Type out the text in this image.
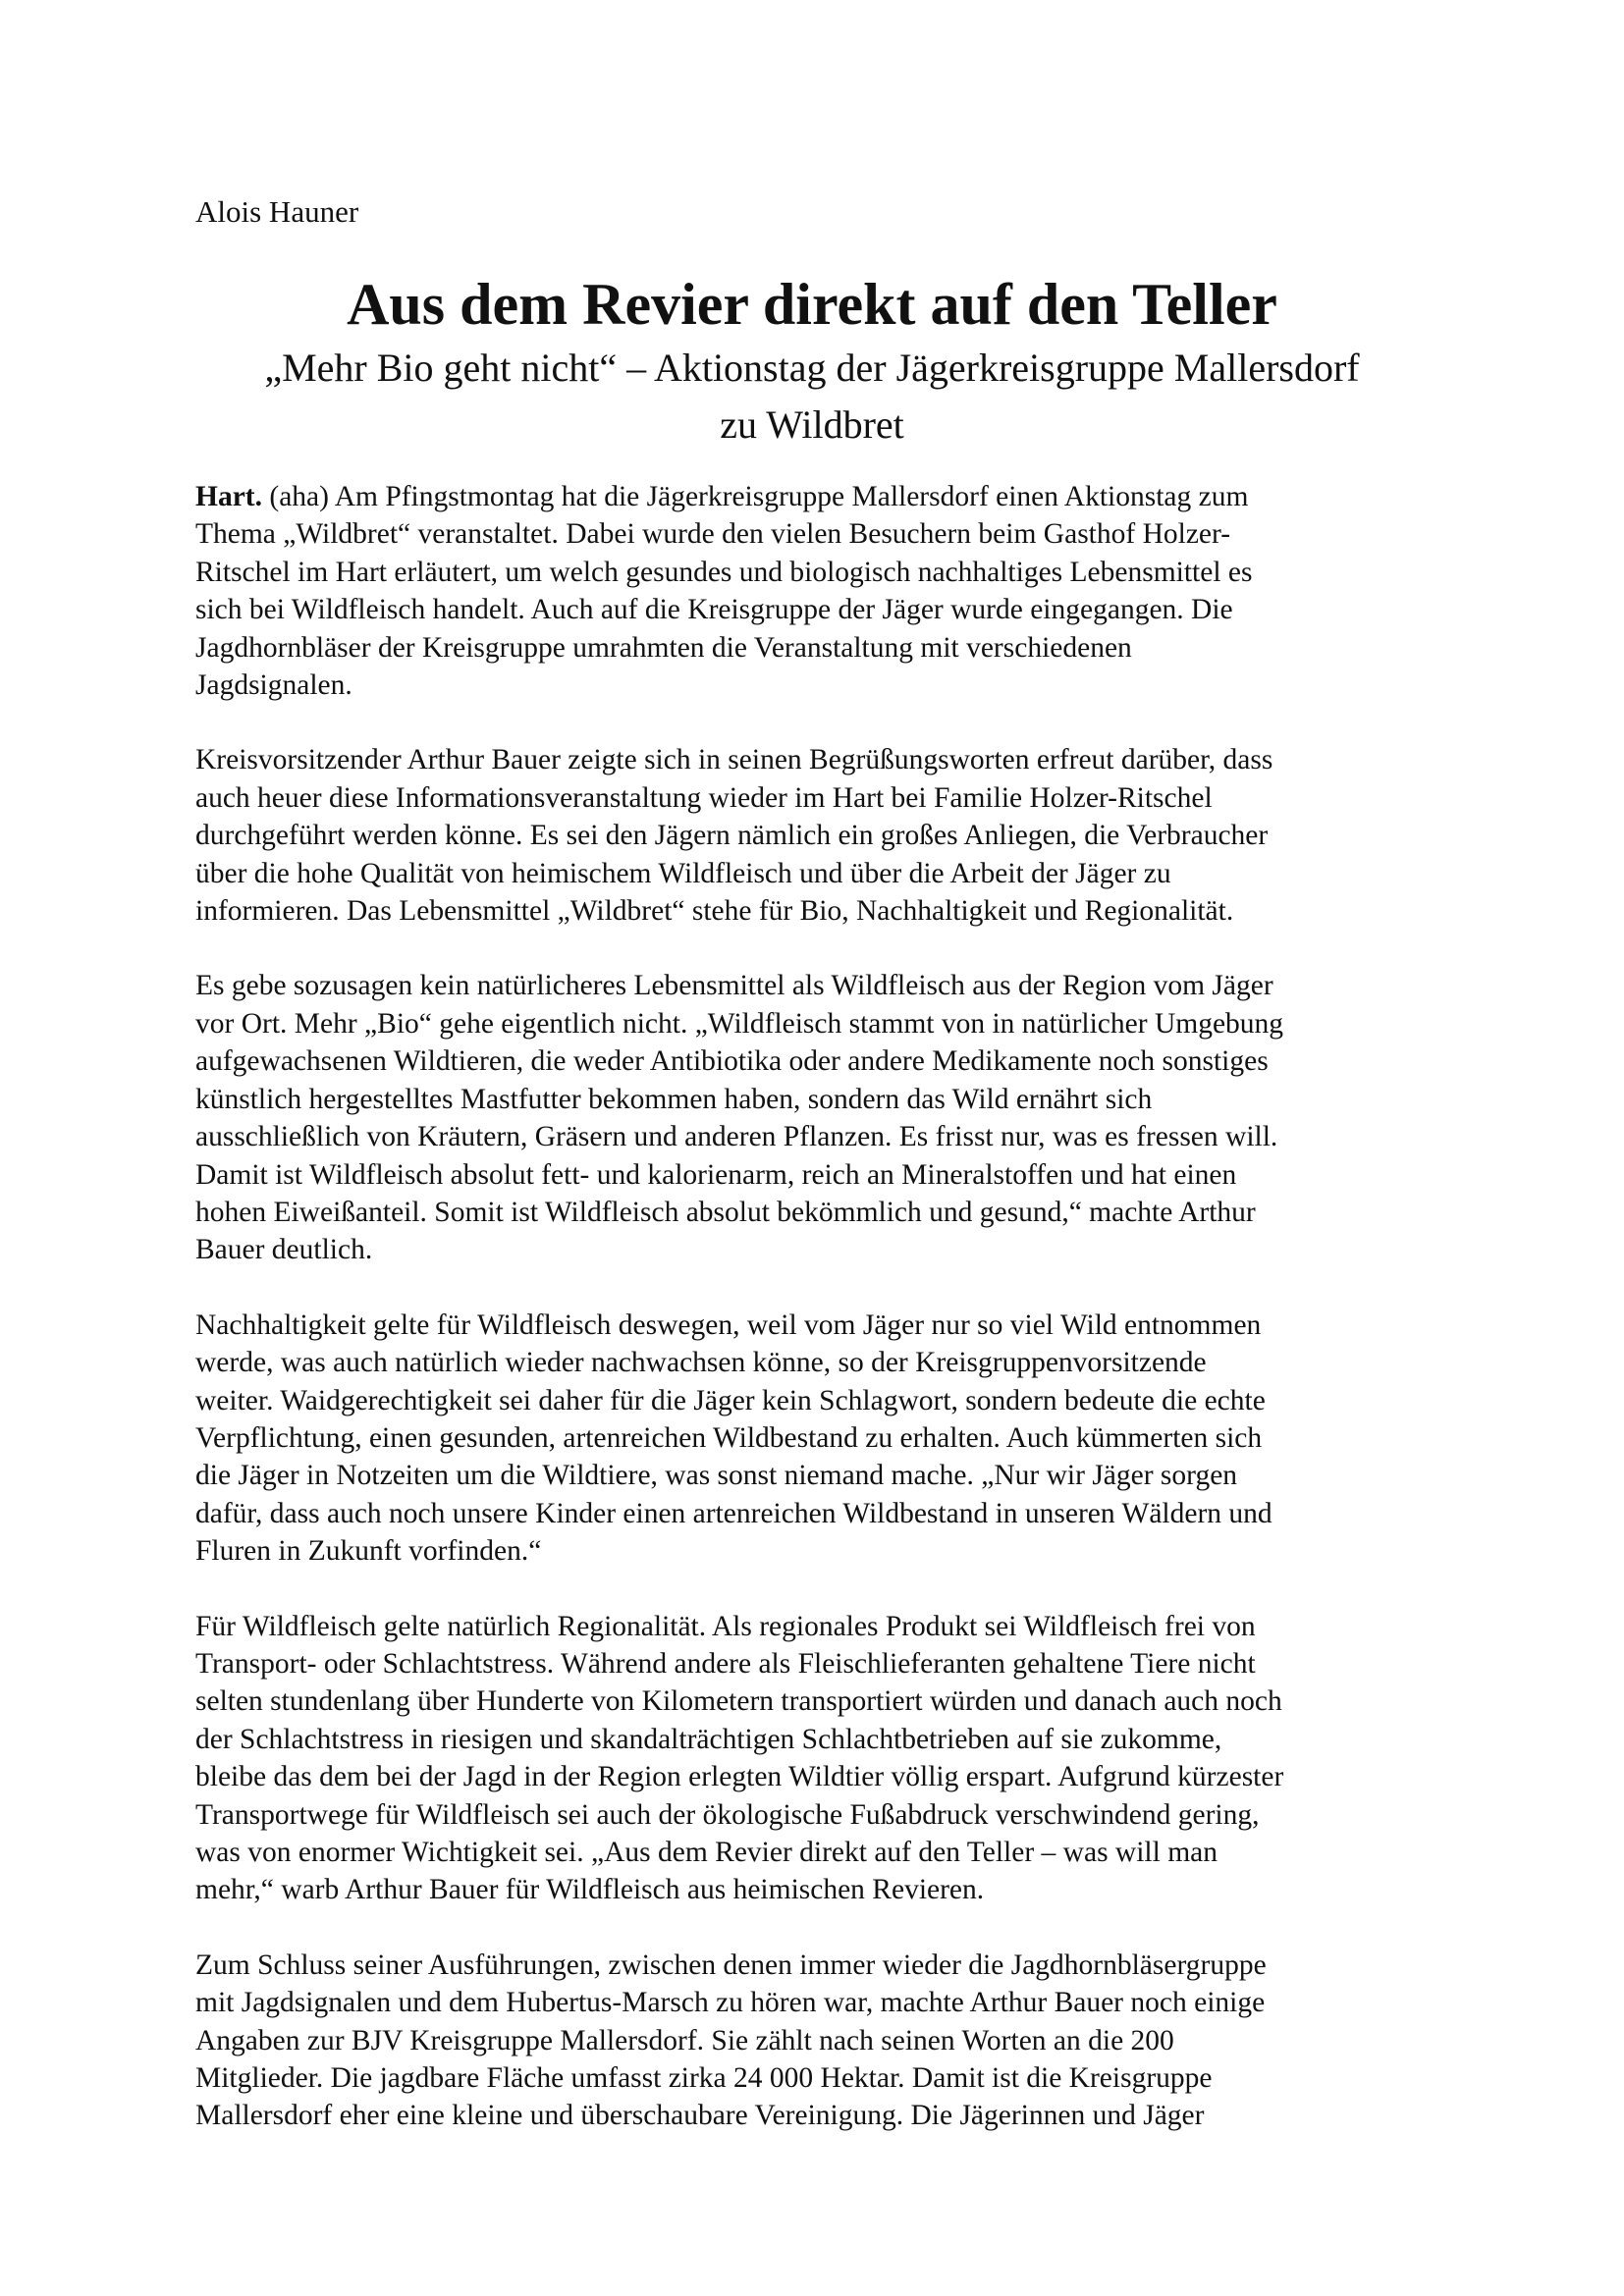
Alois Hauner

Aus dem Revier direkt auf den Teller
„Mehr Bio geht nicht“ – Aktionstag der Jägerkreisgruppe Mallersdorf
zu Wildbret

Hart. (aha) Am Pfingstmontag hat die Jägerkreisgruppe Mallersdorf einen Aktionstag zum
Thema „Wildbret“ veranstaltet. Dabei wurde den vielen Besuchern beim Gasthof Holzer-
Ritschel im Hart erläutert, um welch gesundes und biologisch nachhaltiges Lebensmittel es
sich bei Wildfleisch handelt. Auch auf die Kreisgruppe der Jäger wurde eingegangen. Die
Jagdhornbläser der Kreisgruppe umrahmten die Veranstaltung mit verschiedenen
Jagdsignalen.

Kreisvorsitzender Arthur Bauer zeigte sich in seinen Begrüßungsworten erfreut darüber, dass
auch heuer diese Informationsveranstaltung wieder im Hart bei Familie Holzer-Ritschel
durchgeführt werden könne. Es sei den Jägern nämlich ein großes Anliegen, die Verbraucher
über die hohe Qualität von heimischem Wildfleisch und über die Arbeit der Jäger zu
informieren. Das Lebensmittel „Wildbret“ stehe für Bio, Nachhaltigkeit und Regionalität.

Es gebe sozusagen kein natürlicheres Lebensmittel als Wildfleisch aus der Region vom Jäger
vor Ort. Mehr „Bio“ gehe eigentlich nicht. „Wildfleisch stammt von in natürlicher Umgebung
aufgewachsenen Wildtieren, die weder Antibiotika oder andere Medikamente noch sonstiges
künstlich hergestelltes Mastfutter bekommen haben, sondern das Wild ernährt sich
ausschließlich von Kräutern, Gräsern und anderen Pflanzen. Es frisst nur, was es fressen will.
Damit ist Wildfleisch absolut fett- und kalorienarm, reich an Mineralstoffen und hat einen
hohen Eiweißanteil. Somit ist Wildfleisch absolut bekömmlich und gesund,“ machte Arthur
Bauer deutlich.

Nachhaltigkeit gelte für Wildfleisch deswegen, weil vom Jäger nur so viel Wild entnommen
werde, was auch natürlich wieder nachwachsen könne, so der Kreisgruppenvorsitzende
weiter. Waidgerechtigkeit sei daher für die Jäger kein Schlagwort, sondern bedeute die echte
Verpflichtung, einen gesunden, artenreichen Wildbestand zu erhalten. Auch kümmerten sich
die Jäger in Notzeiten um die Wildtiere, was sonst niemand mache. „Nur wir Jäger sorgen
dafür, dass auch noch unsere Kinder einen artenreichen Wildbestand in unseren Wäldern und
Fluren in Zukunft vorfinden.“

Für Wildfleisch gelte natürlich Regionalität. Als regionales Produkt sei Wildfleisch frei von
Transport- oder Schlachtstress. Während andere als Fleischlieferanten gehaltene Tiere nicht
selten stundenlang über Hunderte von Kilometern transportiert würden und danach auch noch
der Schlachtstress in riesigen und skandalträchtigen Schlachtbetrieben auf sie zukomme,
bleibe das dem bei der Jagd in der Region erlegten Wildtier völlig erspart. Aufgrund kürzester
Transportwege für Wildfleisch sei auch der ökologische Fußabdruck verschwindend gering,
was von enormer Wichtigkeit sei. „Aus dem Revier direkt auf den Teller – was will man
mehr,“ warb Arthur Bauer für Wildfleisch aus heimischen Revieren.

Zum Schluss seiner Ausführungen, zwischen denen immer wieder die Jagdhornbläsergruppe
mit Jagdsignalen und dem Hubertus-Marsch zu hören war, machte Arthur Bauer noch einige
Angaben zur BJV Kreisgruppe Mallersdorf. Sie zählt nach seinen Worten an die 200
Mitglieder. Die jagdbare Fläche umfasst zirka 24 000 Hektar. Damit ist die Kreisgruppe
Mallersdorf eher eine kleine und überschaubare Vereinigung. Die Jägerinnen und Jäger
